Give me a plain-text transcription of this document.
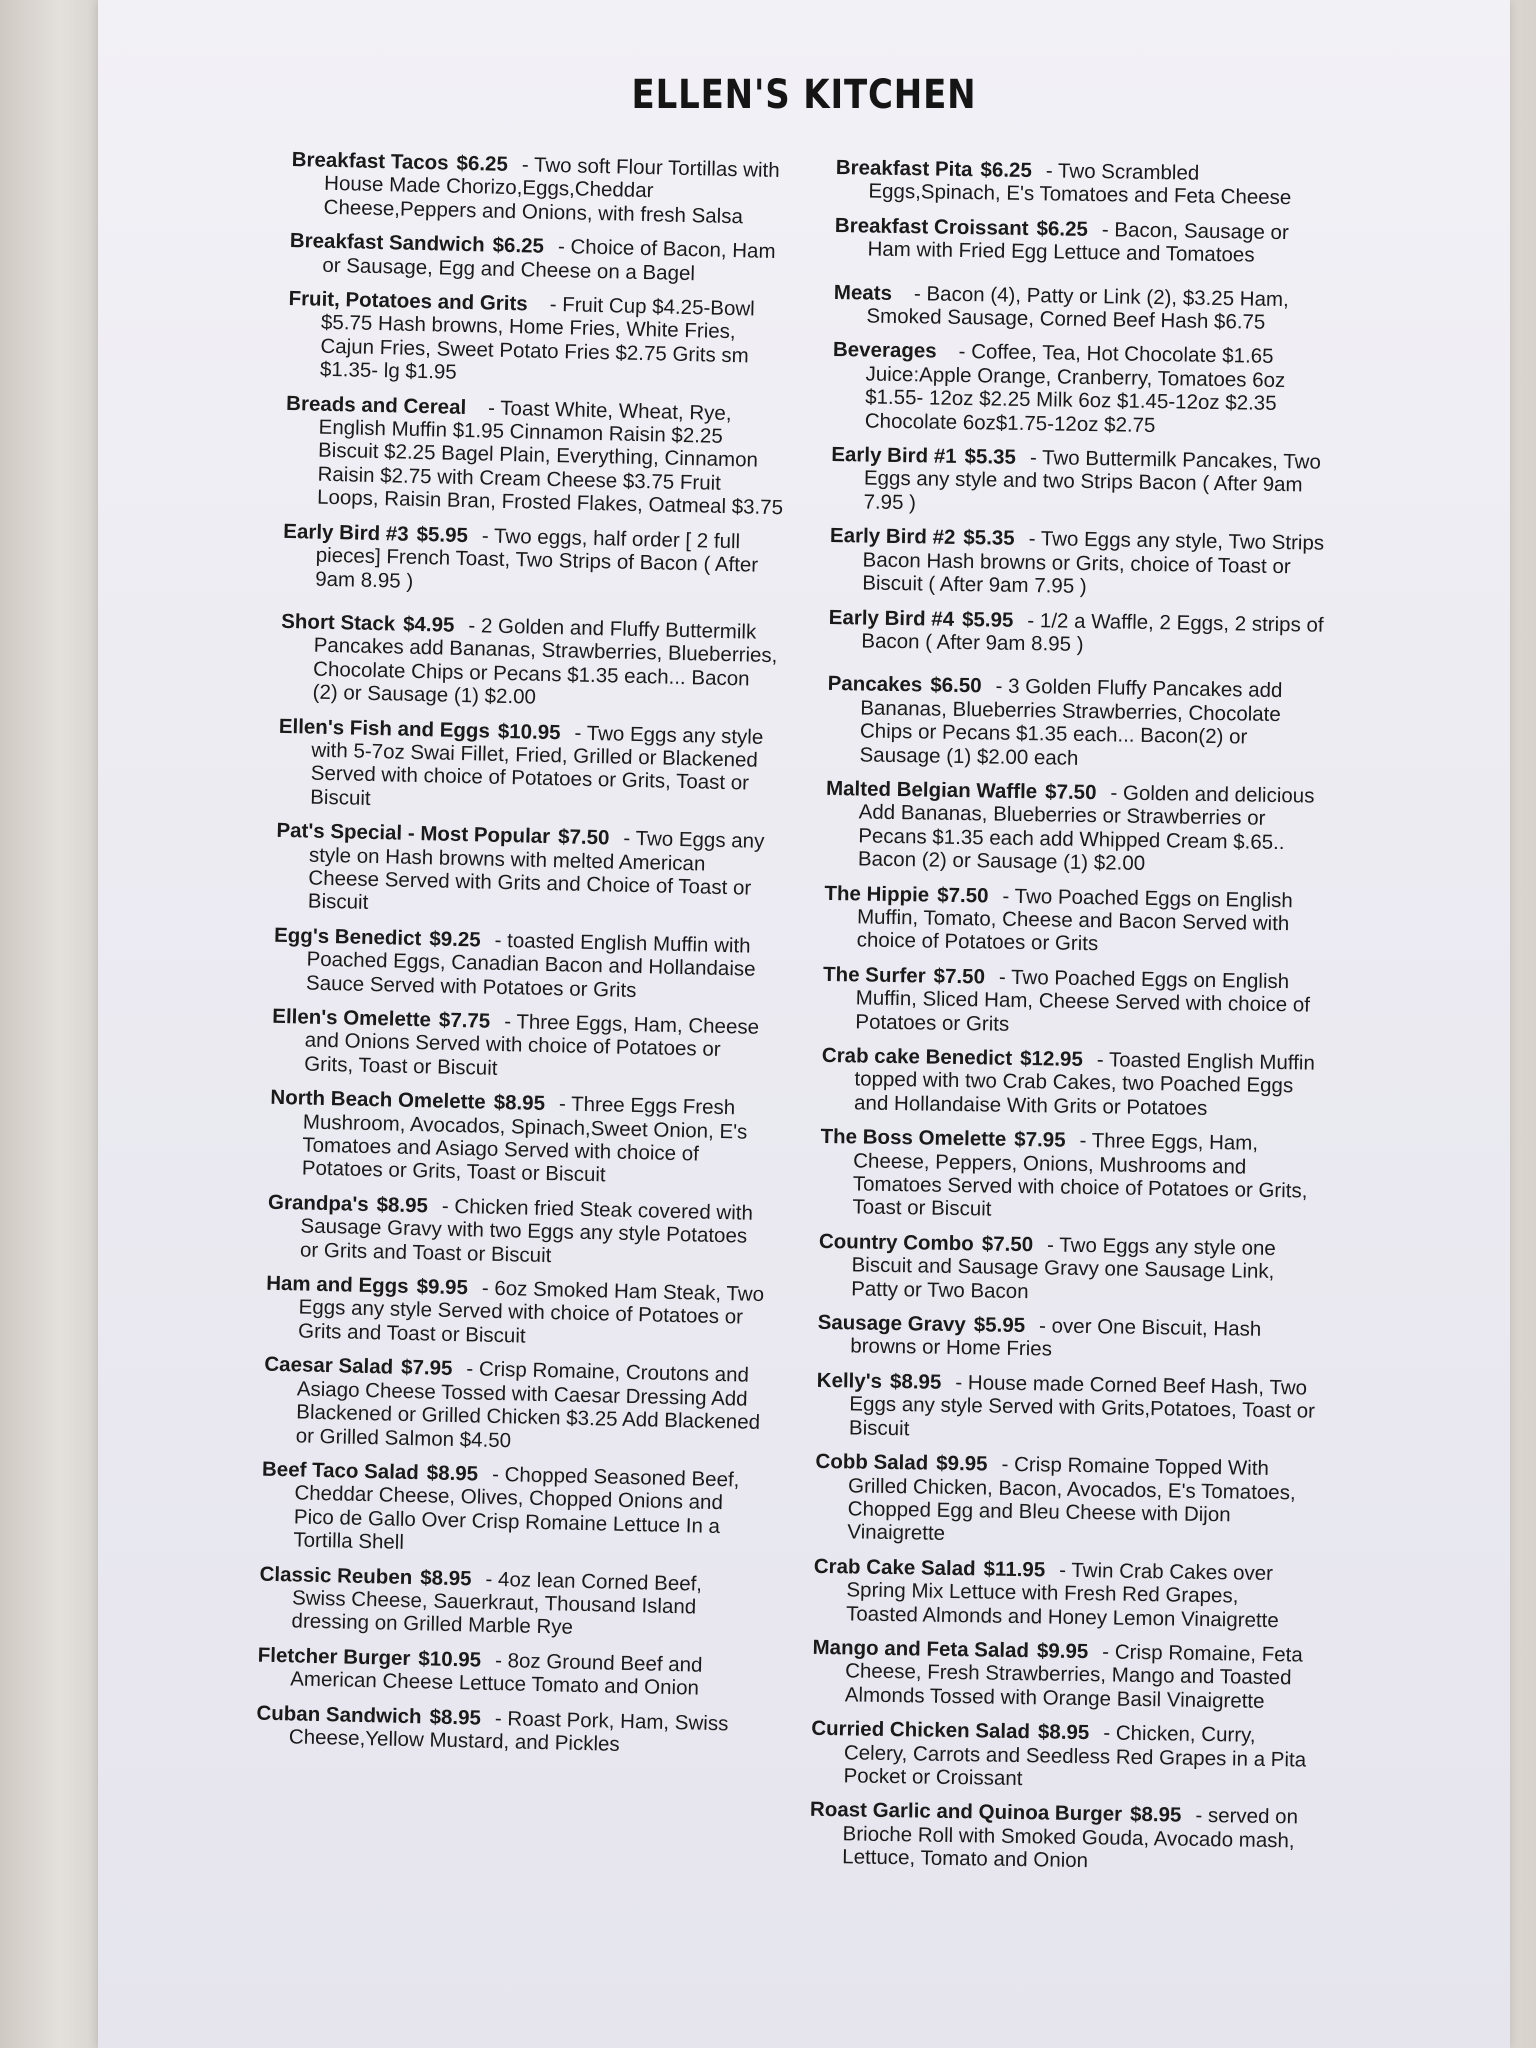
ELLEN'S KITCHEN
Breakfast Tacos $6.25 - Two soft Flour Tortillas with House Made Chorizo,Eggs,Cheddar Cheese,Peppers and Onions, with fresh Salsa
Breakfast Sandwich $6.25 - Choice of Bacon, Ham or Sausage, Egg and Cheese on a Bagel
Fruit, Potatoes and Grits - Fruit Cup $4.25-Bowl $5.75 Hash browns, Home Fries, White Fries, Cajun Fries, Sweet Potato Fries $2.75 Grits sm $1.35- lg $1.95
Breads and Cereal - Toast White, Wheat, Rye, English Muffin $1.95 Cinnamon Raisin $2.25 Biscuit $2.25 Bagel Plain, Everything, Cinnamon Raisin $2.75 with Cream Cheese $3.75 Fruit Loops, Raisin Bran, Frosted Flakes, Oatmeal $3.75
Early Bird #3 $5.95 - Two eggs, half order [ 2 full pieces] French Toast, Two Strips of Bacon ( After 9am 8.95 )
Short Stack $4.95 - 2 Golden and Fluffy Buttermilk Pancakes add Bananas, Strawberries, Blueberries, Chocolate Chips or Pecans $1.35 each... Bacon (2) or Sausage (1) $2.00
Ellen's Fish and Eggs $10.95 - Two Eggs any style with 5-7oz Swai Fillet, Fried, Grilled or Blackened Served with choice of Potatoes or Grits, Toast or Biscuit
Pat's Special - Most Popular $7.50 - Two Eggs any style on Hash browns with melted American Cheese Served with Grits and Choice of Toast or Biscuit
Egg's Benedict $9.25 - toasted English Muffin with Poached Eggs, Canadian Bacon and Hollandaise Sauce Served with Potatoes or Grits
Ellen's Omelette $7.75 - Three Eggs, Ham, Cheese and Onions Served with choice of Potatoes or Grits, Toast or Biscuit
North Beach Omelette $8.95 - Three Eggs Fresh Mushroom, Avocados, Spinach,Sweet Onion, E's Tomatoes and Asiago Served with choice of Potatoes or Grits, Toast or Biscuit
Grandpa's $8.95 - Chicken fried Steak covered with Sausage Gravy with two Eggs any style Potatoes or Grits and Toast or Biscuit
Ham and Eggs $9.95 - 6oz Smoked Ham Steak, Two Eggs any style Served with choice of Potatoes or Grits and Toast or Biscuit
Caesar Salad $7.95 - Crisp Romaine, Croutons and Asiago Cheese Tossed with Caesar Dressing Add Blackened or Grilled Chicken $3.25 Add Blackened or Grilled Salmon $4.50
Beef Taco Salad $8.95 - Chopped Seasoned Beef, Cheddar Cheese, Olives, Chopped Onions and Pico de Gallo Over Crisp Romaine Lettuce In a Tortilla Shell
Classic Reuben $8.95 - 4oz lean Corned Beef, Swiss Cheese, Sauerkraut, Thousand Island dressing on Grilled Marble Rye
Fletcher Burger $10.95 - 8oz Ground Beef and American Cheese Lettuce Tomato and Onion
Cuban Sandwich $8.95 - Roast Pork, Ham, Swiss Cheese,Yellow Mustard, and Pickles
Breakfast Pita $6.25 - Two Scrambled Eggs,Spinach, E's Tomatoes and Feta Cheese
Breakfast Croissant $6.25 - Bacon, Sausage or Ham with Fried Egg Lettuce and Tomatoes
Meats - Bacon (4), Patty or Link (2), $3.25 Ham, Smoked Sausage, Corned Beef Hash $6.75
Beverages - Coffee, Tea, Hot Chocolate $1.65 Juice:Apple Orange, Cranberry, Tomatoes 6oz $1.55- 12oz $2.25 Milk 6oz $1.45-12oz $2.35 Chocolate 6oz$1.75-12oz $2.75
Early Bird #1 $5.35 - Two Buttermilk Pancakes, Two Eggs any style and two Strips Bacon ( After 9am 7.95 )
Early Bird #2 $5.35 - Two Eggs any style, Two Strips Bacon Hash browns or Grits, choice of Toast or Biscuit ( After 9am 7.95 )
Early Bird #4 $5.95 - 1/2 a Waffle, 2 Eggs, 2 strips of Bacon ( After 9am 8.95 )
Pancakes $6.50 - 3 Golden Fluffy Pancakes add Bananas, Blueberries Strawberries, Chocolate Chips or Pecans $1.35 each... Bacon(2) or Sausage (1) $2.00 each
Malted Belgian Waffle $7.50 - Golden and delicious Add Bananas, Blueberries or Strawberries or Pecans $1.35 each add Whipped Cream $.65.. Bacon (2) or Sausage (1) $2.00
The Hippie $7.50 - Two Poached Eggs on English Muffin, Tomato, Cheese and Bacon Served with choice of Potatoes or Grits
The Surfer $7.50 - Two Poached Eggs on English Muffin, Sliced Ham, Cheese Served with choice of Potatoes or Grits
Crab cake Benedict $12.95 - Toasted English Muffin topped with two Crab Cakes, two Poached Eggs and Hollandaise With Grits or Potatoes
The Boss Omelette $7.95 - Three Eggs, Ham, Cheese, Peppers, Onions, Mushrooms and Tomatoes Served with choice of Potatoes or Grits, Toast or Biscuit
Country Combo $7.50 - Two Eggs any style one Biscuit and Sausage Gravy one Sausage Link, Patty or Two Bacon
Sausage Gravy $5.95 - over One Biscuit, Hash browns or Home Fries
Kelly's $8.95 - House made Corned Beef Hash, Two Eggs any style Served with Grits,Potatoes, Toast or Biscuit
Cobb Salad $9.95 - Crisp Romaine Topped With Grilled Chicken, Bacon, Avocados, E's Tomatoes, Chopped Egg and Bleu Cheese with Dijon Vinaigrette
Crab Cake Salad $11.95 - Twin Crab Cakes over Spring Mix Lettuce with Fresh Red Grapes, Toasted Almonds and Honey Lemon Vinaigrette
Mango and Feta Salad $9.95 - Crisp Romaine, Feta Cheese, Fresh Strawberries, Mango and Toasted Almonds Tossed with Orange Basil Vinaigrette
Curried Chicken Salad $8.95 - Chicken, Curry, Celery, Carrots and Seedless Red Grapes in a Pita Pocket or Croissant
Roast Garlic and Quinoa Burger $8.95 - served on Brioche Roll with Smoked Gouda, Avocado mash, Lettuce, Tomato and Onion
